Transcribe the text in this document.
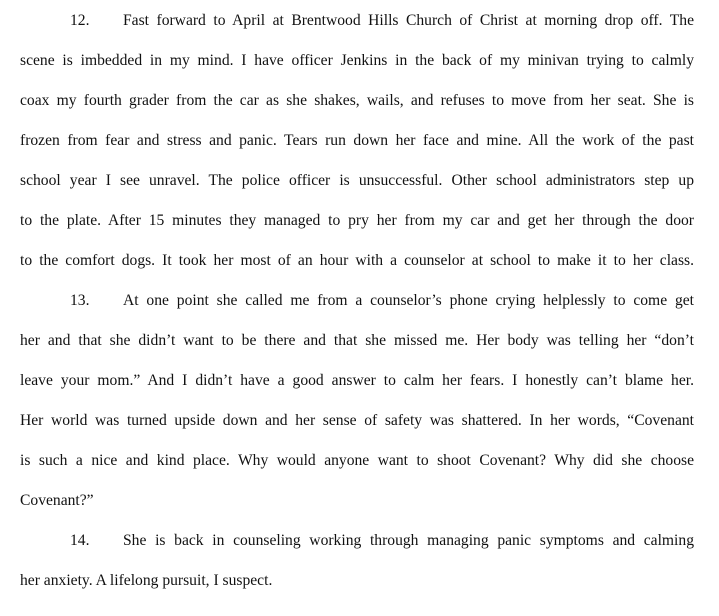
12. Fast forward to April at Brentwood Hills Church of Christ at morning drop off. The
scene is imbedded in my mind. I have officer Jenkins in the back of my minivan trying to calmly
coax my fourth grader from the car as she shakes, wails, and refuses to move from her seat. She is
frozen from fear and stress and panic. Tears run down her face and mine. All the work of the past
school year I see unravel. The police officer is unsuccessful. Other school administrators step up
to the plate. After 15 minutes they managed to pry her from my car and get her through the door
to the comfort dogs. It took her most of an hour with a counselor at school to make it to her class.
13. At one point she called me from a counselor’s phone crying helplessly to come get
her and that she didn’t want to be there and that she missed me. Her body was telling her “don’t
leave your mom.” And I didn’t have a good answer to calm her fears. I honestly can’t blame her.
Her world was turned upside down and her sense of safety was shattered. In her words, “Covenant
is such a nice and kind place. Why would anyone want to shoot Covenant? Why did she choose
Covenant?”
14. She is back in counseling working through managing panic symptoms and calming
her anxiety. A lifelong pursuit, I suspect.
